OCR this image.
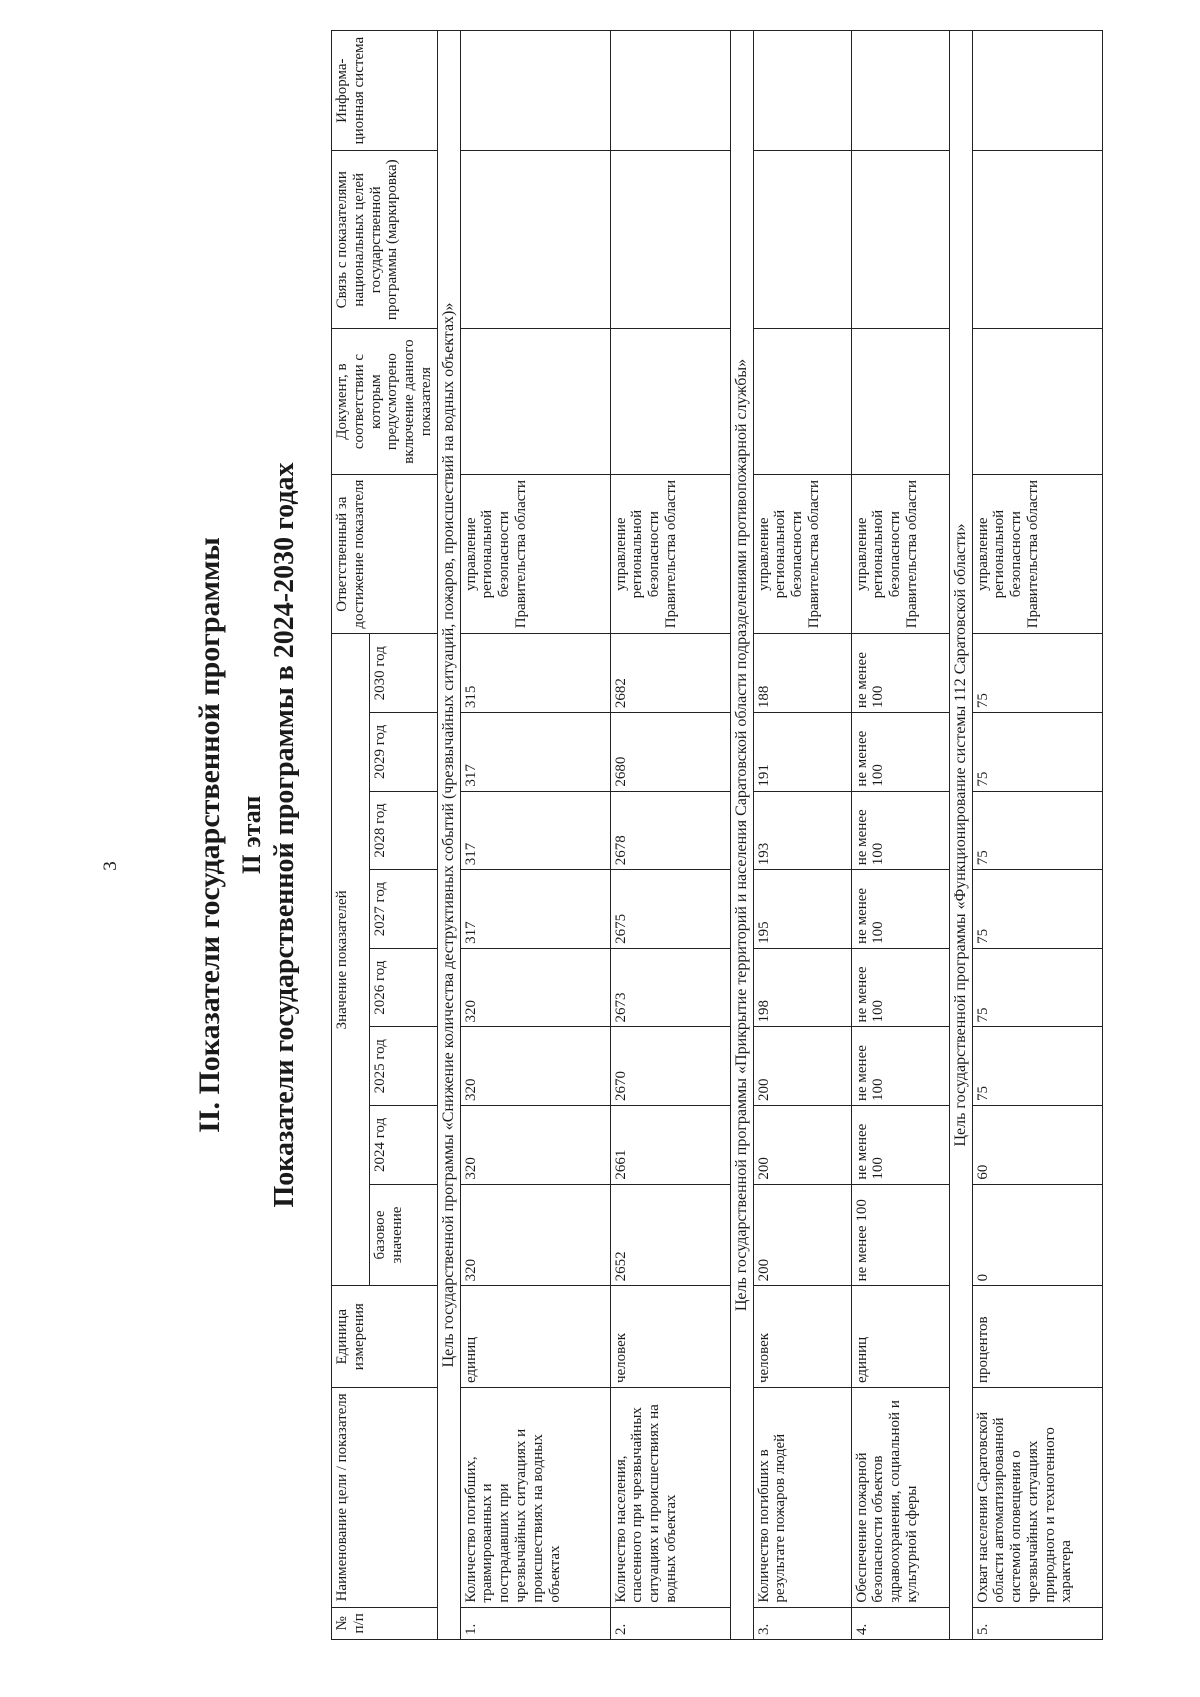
3 II. Показатели государственной программы II этап Показатели государственной программы в 2024-2030 годах
№ п/п	Наименование цели / показателя	Единица измерения	Значение показателей								Ответственный за достижение показателя	Документ, в соответствии с которым предусмотрено включение данного показателя	Связь с показателями национальных целей государственной программы (маркировка)	Информа-ционная система
			базовое значение	2024 год	2025 год	2026 год	2027 год	2028 год	2029 год	2030 год				
Цель государственной программы «Снижение количества деструктивных событий (чрезвычайных ситуаций, пожаров, происшествий на водных объектах)»														
1.	Количество погибших, травмированных и пострадавших при чрезвычайных ситуациях и происшествиях на водных объектах	единиц	320	320	320	320	317	317	317	315	управление региональной безопасности Правительства области			
2.	Количество населения, спасенного при чрезвычайных ситуациях и происшествиях на водных объектах	человек	2652	2661	2670	2673	2675	2678	2680	2682	управление региональной безопасности Правительства области			
Цель государственной программы «Прикрытие территорий и населения Саратовской области подразделениями противопожарной службы»														
3.	Количество погибших в результате пожаров людей	человек	200	200	200	198	195	193	191	188	управление региональной безопасности Правительства области			
4.	Обеспечение пожарной безопасности объектов здравоохранения, социальной и культурной сферы	единиц	не менее 100	не менее 100	не менее 100	не менее 100	не менее 100	не менее 100	не менее 100	не менее 100	управление региональной безопасности Правительства области			
Цель государственной программы «Функционирование системы 112 Саратовской области»														
5.	Охват населения Саратовской области автоматизированной системой оповещения о чрезвычайных ситуациях природного и техногенного характера	процентов	0	60	75	75	75	75	75	75	управление региональной безопасности Правительства области			
